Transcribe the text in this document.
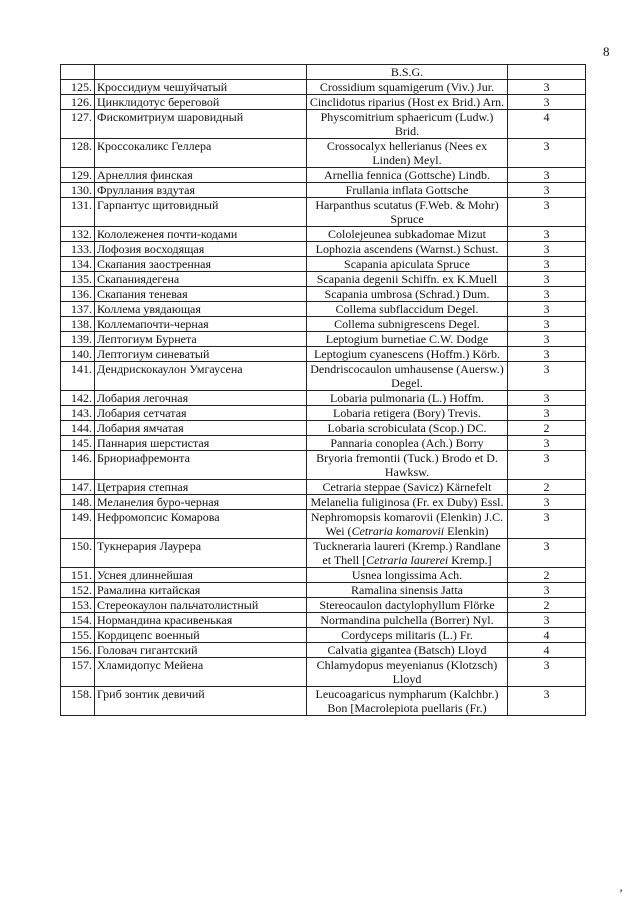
8
		B.S.G.	
125.	Кроссидиум чешуйчатый	Crossidium squamigerum (Viv.) Jur.	3
126.	Цинклидотус береговой	Cinclidotus riparius (Host ex Brid.) Arn.	3
127.	Фискомитриум шаровидный	Physcomitrium sphaericum (Ludw.) Brid.	4
128.	Кроссокаликс Геллера	Crossocalyx hellerianus (Nees ex Linden) Meyl.	3
129.	Арнеллия финская	Arnellia fennica (Gottsche) Lindb.	3
130.	Фруллания вздутая	Frullania inflata Gottsche	3
131.	Гарпантус щитовидный	Harpanthus scutatus (F.Web. & Mohr) Spruce	3
132.	Кололеженея почти-кодами	Cololejeunea subkadomae Mizut	3
133.	Лофозия восходящая	Lophozia ascendens (Warnst.) Schust.	3
134.	Скапания заостренная	Scapania apiculata Spruce	3
135.	Скапаниядегена	Scapania degenii Schiffn. ex K.Muell	3
136.	Скапания теневая	Scapania umbrosa (Schrad.) Dum.	3
137.	Коллема увядающая	Collema subflaccidum Degel.	3
138.	Коллемапочти-черная	Collema subnigrescens Degel.	3
139.	Лептогиум Бурнета	Leptogium burnetiae C.W. Dodge	3
140.	Лептогиум синеватый	Leptogium cyanescens (Hoffm.) Körb.	3
141.	Дендрискокаулон Умгаусена	Dendriscocaulon umhausense (Auersw.) Degel.	3
142.	Лобария легочная	Lobaria pulmonaria (L.) Hoffm.	3
143.	Лобария сетчатая	Lobaria retigera (Bory) Trevis.	3
144.	Лобария ямчатая	Lobaria scrobiculata (Scop.) DC.	2
145.	Паннария шерстистая	Pannaria conoplea (Ach.) Borry	3
146.	Бриориафремонта	Bryoria fremontii (Tuck.) Brodo et D. Hawksw.	3
147.	Цетрария степная	Cetraria steppae (Savicz) Kärnefelt	2
148.	Меланелия буро-черная	Melanelia fuliginosa (Fr. ex Duby) Essl.	3
149.	Нефромопсис Комарова	Nephromopsis komarovii (Elenkin) J.C. Wei (Cetraria komarovii Elenkin)	3
150.	Тукнерария Лаурера	Tuckneraria laureri (Kremp.) Randlane et Thell [Cetraria laurerei Kremp.]	3
151.	Уснея длиннейшая	Usnea longissima Ach.	2
152.	Рамалина китайская	Ramalina sinensis Jatta	3
153.	Стереокаулон пальчатолистный	Stereocaulon dactylophyllum Flörke	2
154.	Нормандина красивенькая	Normandina pulchella (Borrer) Nyl.	3
155.	Кордицепс военный	Cordyceps militaris (L.) Fr.	4
156.	Головач гигантский	Calvatia gigantea (Batsch) Lloyd	4
157.	Хламидопус Мейена	Chlamydopus meyenianus (Klotzsch) Lloyd	3
158.	Гриб зонтик девичий	Leucoagaricus nympharum (Kalchbr.) Bon [Macrolepiota puellaris (Fr.)	3
’
